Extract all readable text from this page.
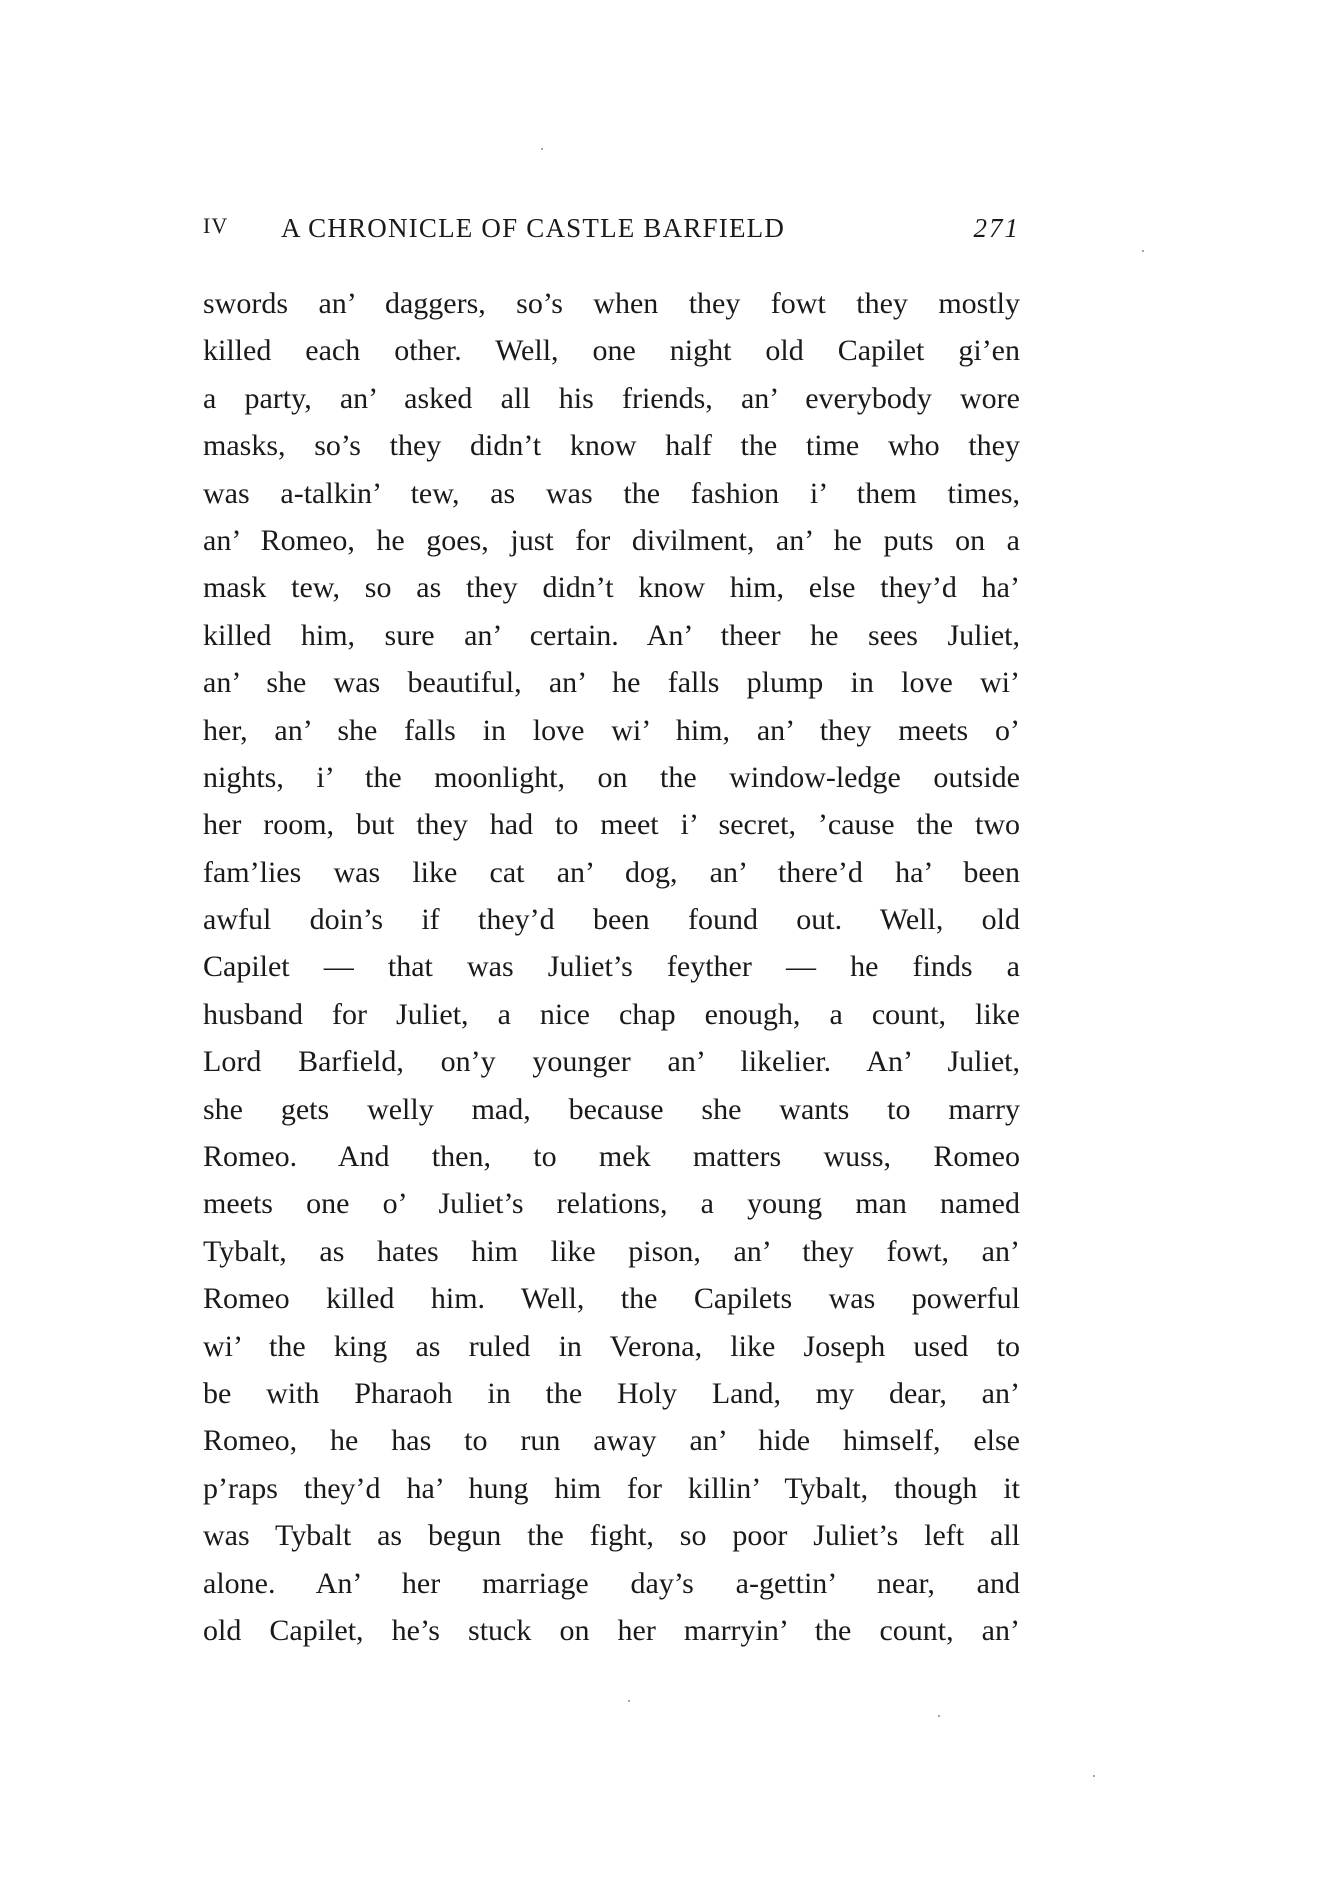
IV A CHRONICLE OF CASTLE BARFIELD	271
swords an’ daggers, so’s when they fowt they mostly
killed each other. Well, one night old Capilet gi’en
a party, an’ asked all his friends, an’ everybody wore
masks, so’s they didn’t know half the time who they
was a-talkin’ tew, as was the fashion i’ them times,
an’ Romeo, he goes, just for divilment, an’ he puts on a
mask tew, so as they didn’t know him, else they’d ha’
killed him, sure an’ certain. An’ theer he sees Juliet,
an’ she was beautiful, an’ he falls plump in love wi’
her, an’ she falls in love wi’ him, an’ they meets o’
nights, i’ the moonlight, on the window-ledge outside
her room, but they had to meet i’ secret, ’cause the two
fam’lies was like cat an’ dog, an’ there’d ha’ been
awful doin’s if they’d been found out. Well, old
Capilet — that was Juliet’s feyther — he finds a
husband for Juliet, a nice chap enough, a count, like
Lord Barfield, on’y younger an’ likelier. An’ Juliet,
she gets welly mad, because she wants to marry
Romeo. And then, to mek matters wuss, Romeo
meets one o’ Juliet’s relations, a young man named
Tybalt, as hates him like pison, an’ they fowt, an’
Romeo killed him. Well, the Capilets was powerful
wi’ the king as ruled in Verona, like Joseph used to
be with Pharaoh in the Holy Land, my dear, an’
Romeo, he has to run away an’ hide himself, else
p’raps they’d ha’ hung him for killin’ Tybalt, though it
was Tybalt as begun the fight, so poor Juliet’s left all
alone. An’ her marriage day’s a-gettin’ near, and
old Capilet, he’s stuck on her marryin’ the count, an’
